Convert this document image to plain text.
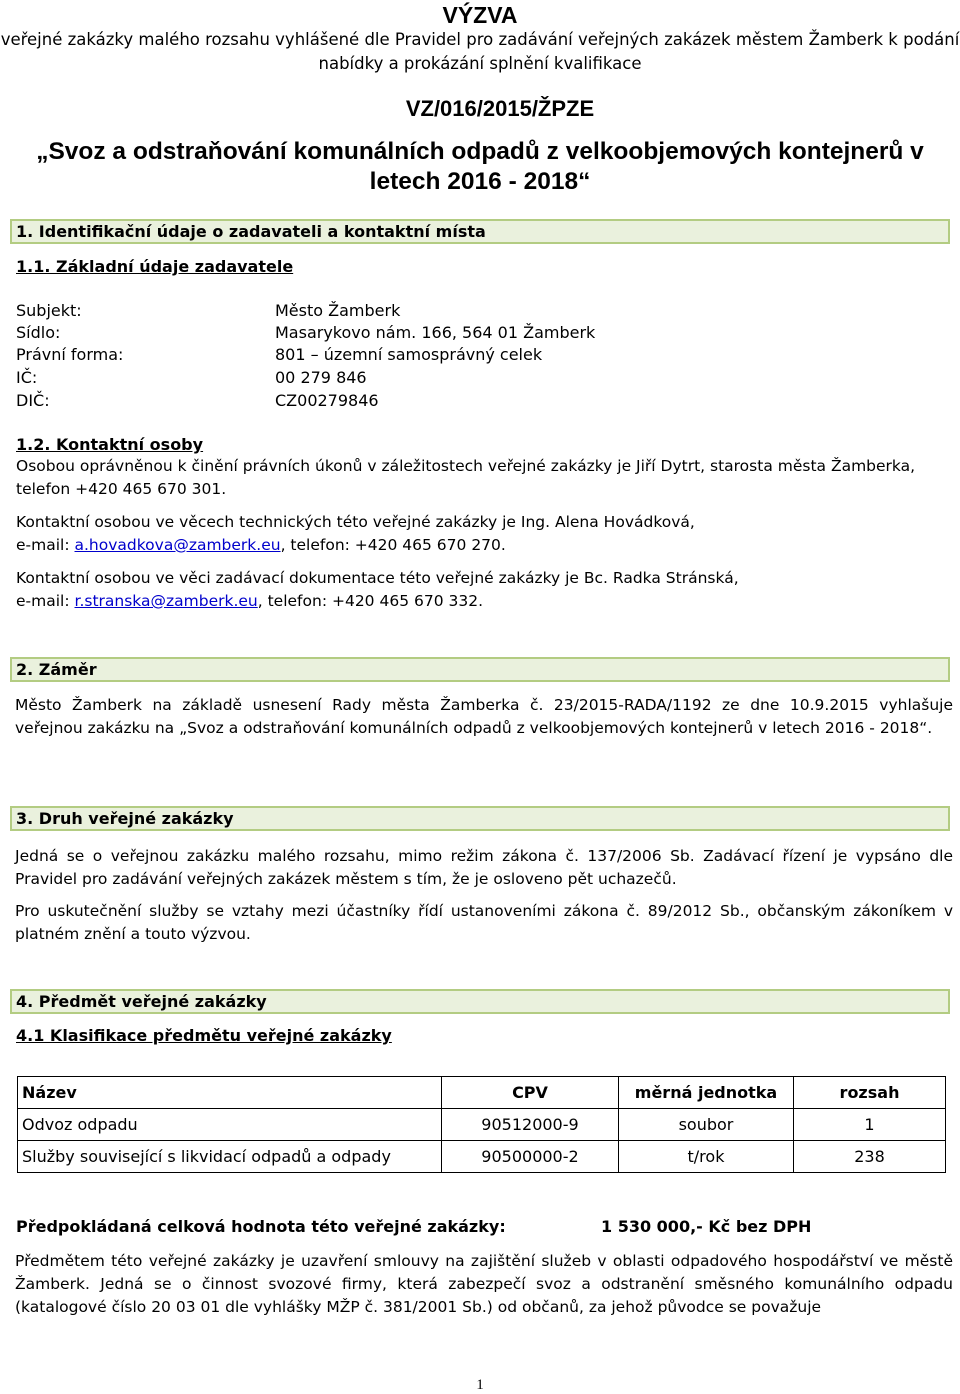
VÝZVA
veřejné zakázky malého rozsahu vyhlášené dle Pravidel pro zadávání veřejných zakázek městem Žamberk k podání
nabídky a prokázání splnění kvalifikace
VZ/016/2015/ŽPZE
„Svoz a odstraňování komunálních odpadů z velkoobjemových kontejnerů v
letech 2016 - 2018“
1. Identifikační údaje o zadavateli a kontaktní místa
1.1. Základní údaje zadavatele
Subjekt:	Město Žamberk
Sídlo:	Masarykovo nám. 166, 564 01 Žamberk
Právní forma:	801 – územní samosprávný celek
IČ:	00 279 846
DIČ:	CZ00279846
1.2. Kontaktní osoby
Osobou oprávněnou k činění právních úkonů v záležitostech veřejné zakázky je Jiří Dytrt, starosta města Žamberka,
telefon +420 465 670 301.
Kontaktní osobou ve věcech technických této veřejné zakázky je Ing. Alena Hovádková,
e-mail: a.hovadkova@zamberk.eu, telefon: +420 465 670 270.
Kontaktní osobou ve věci zadávací dokumentace této veřejné zakázky je Bc. Radka Stránská,
e-mail: r.stranska@zamberk.eu, telefon: +420 465 670 332.
2. Záměr
Město Žamberk na základě usnesení Rady města Žamberka č. 23/2015-RADA/1192 ze dne 10.9.2015 vyhlašuje veřejnou zakázku na „Svoz a odstraňování komunálních odpadů z velkoobjemových kontejnerů v letech 2016 - 2018“.
3. Druh veřejné zakázky
Jedná se o veřejnou zakázku malého rozsahu, mimo režim zákona č. 137/2006 Sb. Zadávací řízení je vypsáno dle Pravidel pro zadávání veřejných zakázek městem s tím, že je osloveno pět uchazečů.
Pro uskutečnění služby se vztahy mezi účastníky řídí ustanoveními zákona č. 89/2012 Sb., občanským zákoníkem v platném znění a touto výzvou.
4. Předmět veřejné zakázky
4.1 Klasifikace předmětu veřejné zakázky
Název	CPV	měrná jednotka	rozsah
Odvoz odpadu	90512000-9	soubor	1
Služby související s likvidací odpadů a odpady	90500000-2	t/rok	238
Předpokládaná celková hodnota této veřejné zakázky:	1 530 000,- Kč bez DPH
Předmětem této veřejné zakázky je uzavření smlouvy na zajištění služeb v oblasti odpadového hospodářství ve městě Žamberk. Jedná se o činnost svozové firmy, která zabezpečí svoz a odstranění směsného komunálního odpadu (katalogové číslo 20 03 01 dle vyhlášky MŽP č. 381/2001 Sb.) od občanů, za jehož původce se považuje
1
